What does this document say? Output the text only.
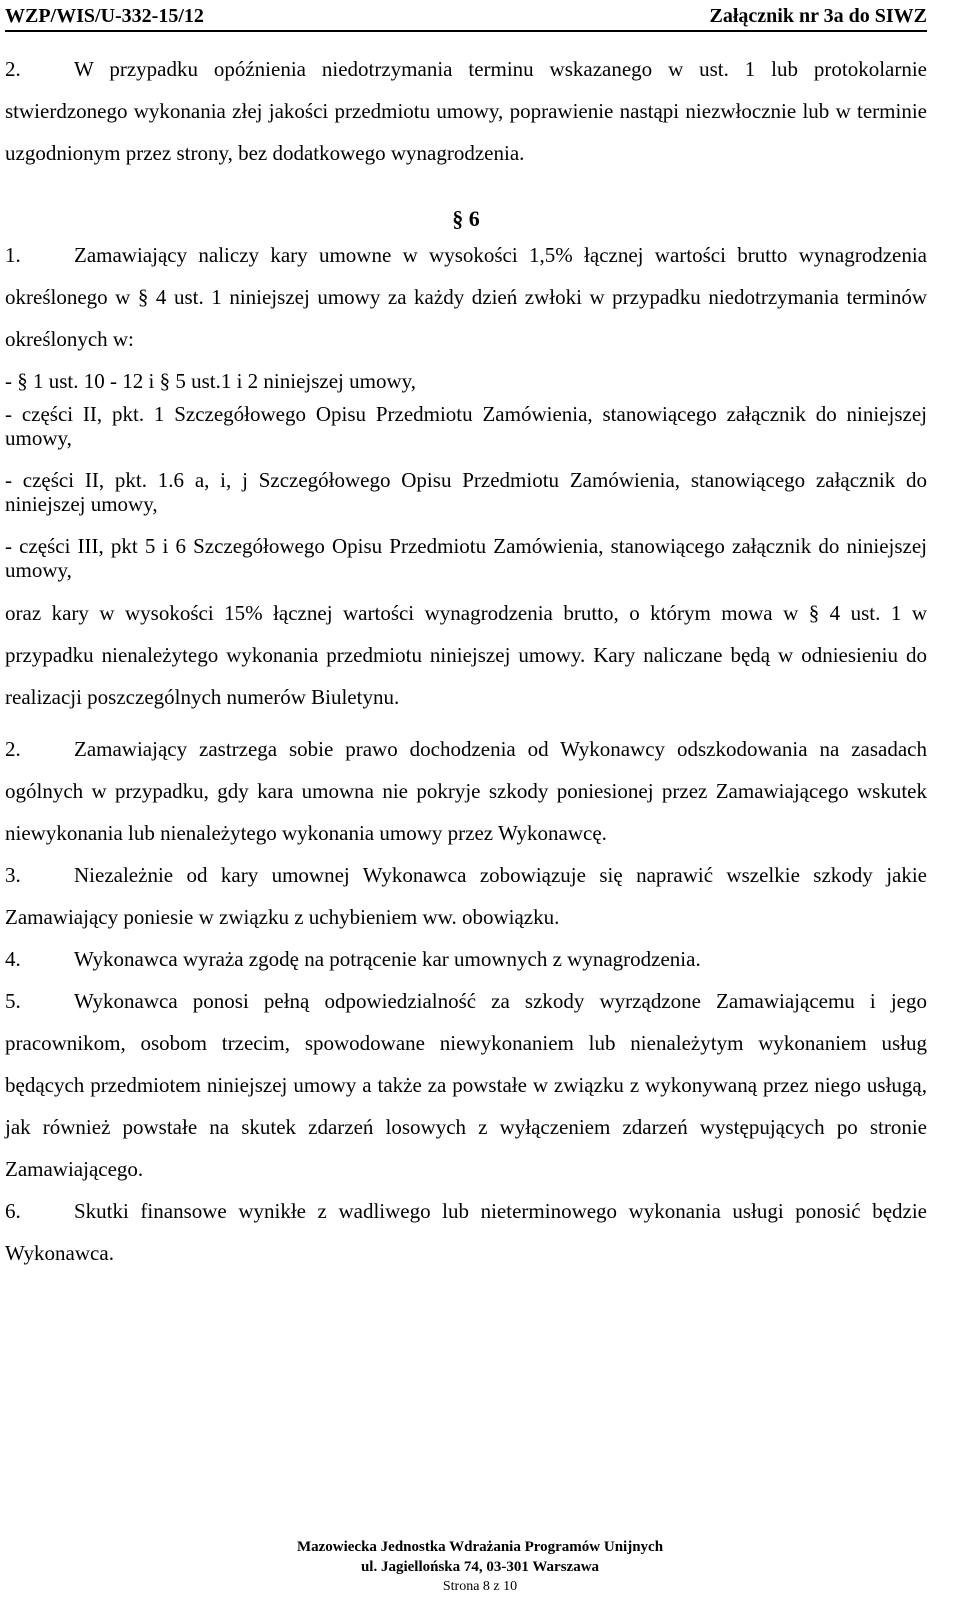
WZP/WIS/U-332-15/12	Załącznik nr 3a do SIWZ

2.	W przypadku opóźnienia niedotrzymania terminu wskazanego w ust. 1 lub protokolarnie stwierdzonego wykonania złej jakości przedmiotu umowy, poprawienie nastąpi niezwłocznie lub w terminie uzgodnionym przez strony, bez dodatkowego wynagrodzenia.

§ 6

1.	Zamawiający naliczy kary umowne w wysokości 1,5% łącznej wartości brutto wynagrodzenia określonego w § 4 ust. 1 niniejszej umowy za każdy dzień zwłoki w przypadku niedotrzymania terminów określonych w:

- § 1 ust. 10 - 12 i § 5 ust.1 i 2 niniejszej umowy,

- części II, pkt. 1 Szczegółowego Opisu Przedmiotu Zamówienia, stanowiącego załącznik do niniejszej umowy,

- części II, pkt. 1.6 a, i, j Szczegółowego Opisu Przedmiotu Zamówienia, stanowiącego załącznik do niniejszej umowy,

- części III, pkt 5 i 6 Szczegółowego Opisu Przedmiotu Zamówienia, stanowiącego załącznik do niniejszej umowy,

oraz kary w wysokości 15% łącznej wartości wynagrodzenia brutto, o którym mowa w § 4 ust. 1 w przypadku nienależytego wykonania przedmiotu niniejszej umowy. Kary naliczane będą w odniesieniu do realizacji poszczególnych numerów Biuletynu.

2.	Zamawiający zastrzega sobie prawo dochodzenia od Wykonawcy odszkodowania na zasadach ogólnych w przypadku, gdy kara umowna nie pokryje szkody poniesionej przez Zamawiającego wskutek niewykonania lub nienależytego wykonania umowy przez Wykonawcę.

3.	Niezależnie od kary umownej Wykonawca zobowiązuje się naprawić wszelkie szkody jakie Zamawiający poniesie w związku z uchybieniem ww. obowiązku.

4.	Wykonawca wyraża zgodę na potrącenie kar umownych z wynagrodzenia.

5.	Wykonawca ponosi pełną odpowiedzialność za szkody wyrządzone Zamawiającemu i jego pracownikom, osobom trzecim, spowodowane niewykonaniem lub nienależytym wykonaniem usług będących przedmiotem niniejszej umowy a także za powstałe w związku z wykonywaną przez niego usługą, jak również powstałe na skutek zdarzeń losowych z wyłączeniem zdarzeń występujących po stronie Zamawiającego.

6.	Skutki finansowe wynikłe z wadliwego lub nieterminowego wykonania usługi ponosić będzie Wykonawca.

Mazowiecka Jednostka Wdrażania Programów Unijnych
ul. Jagiellońska 74, 03-301 Warszawa
Strona 8 z 10
